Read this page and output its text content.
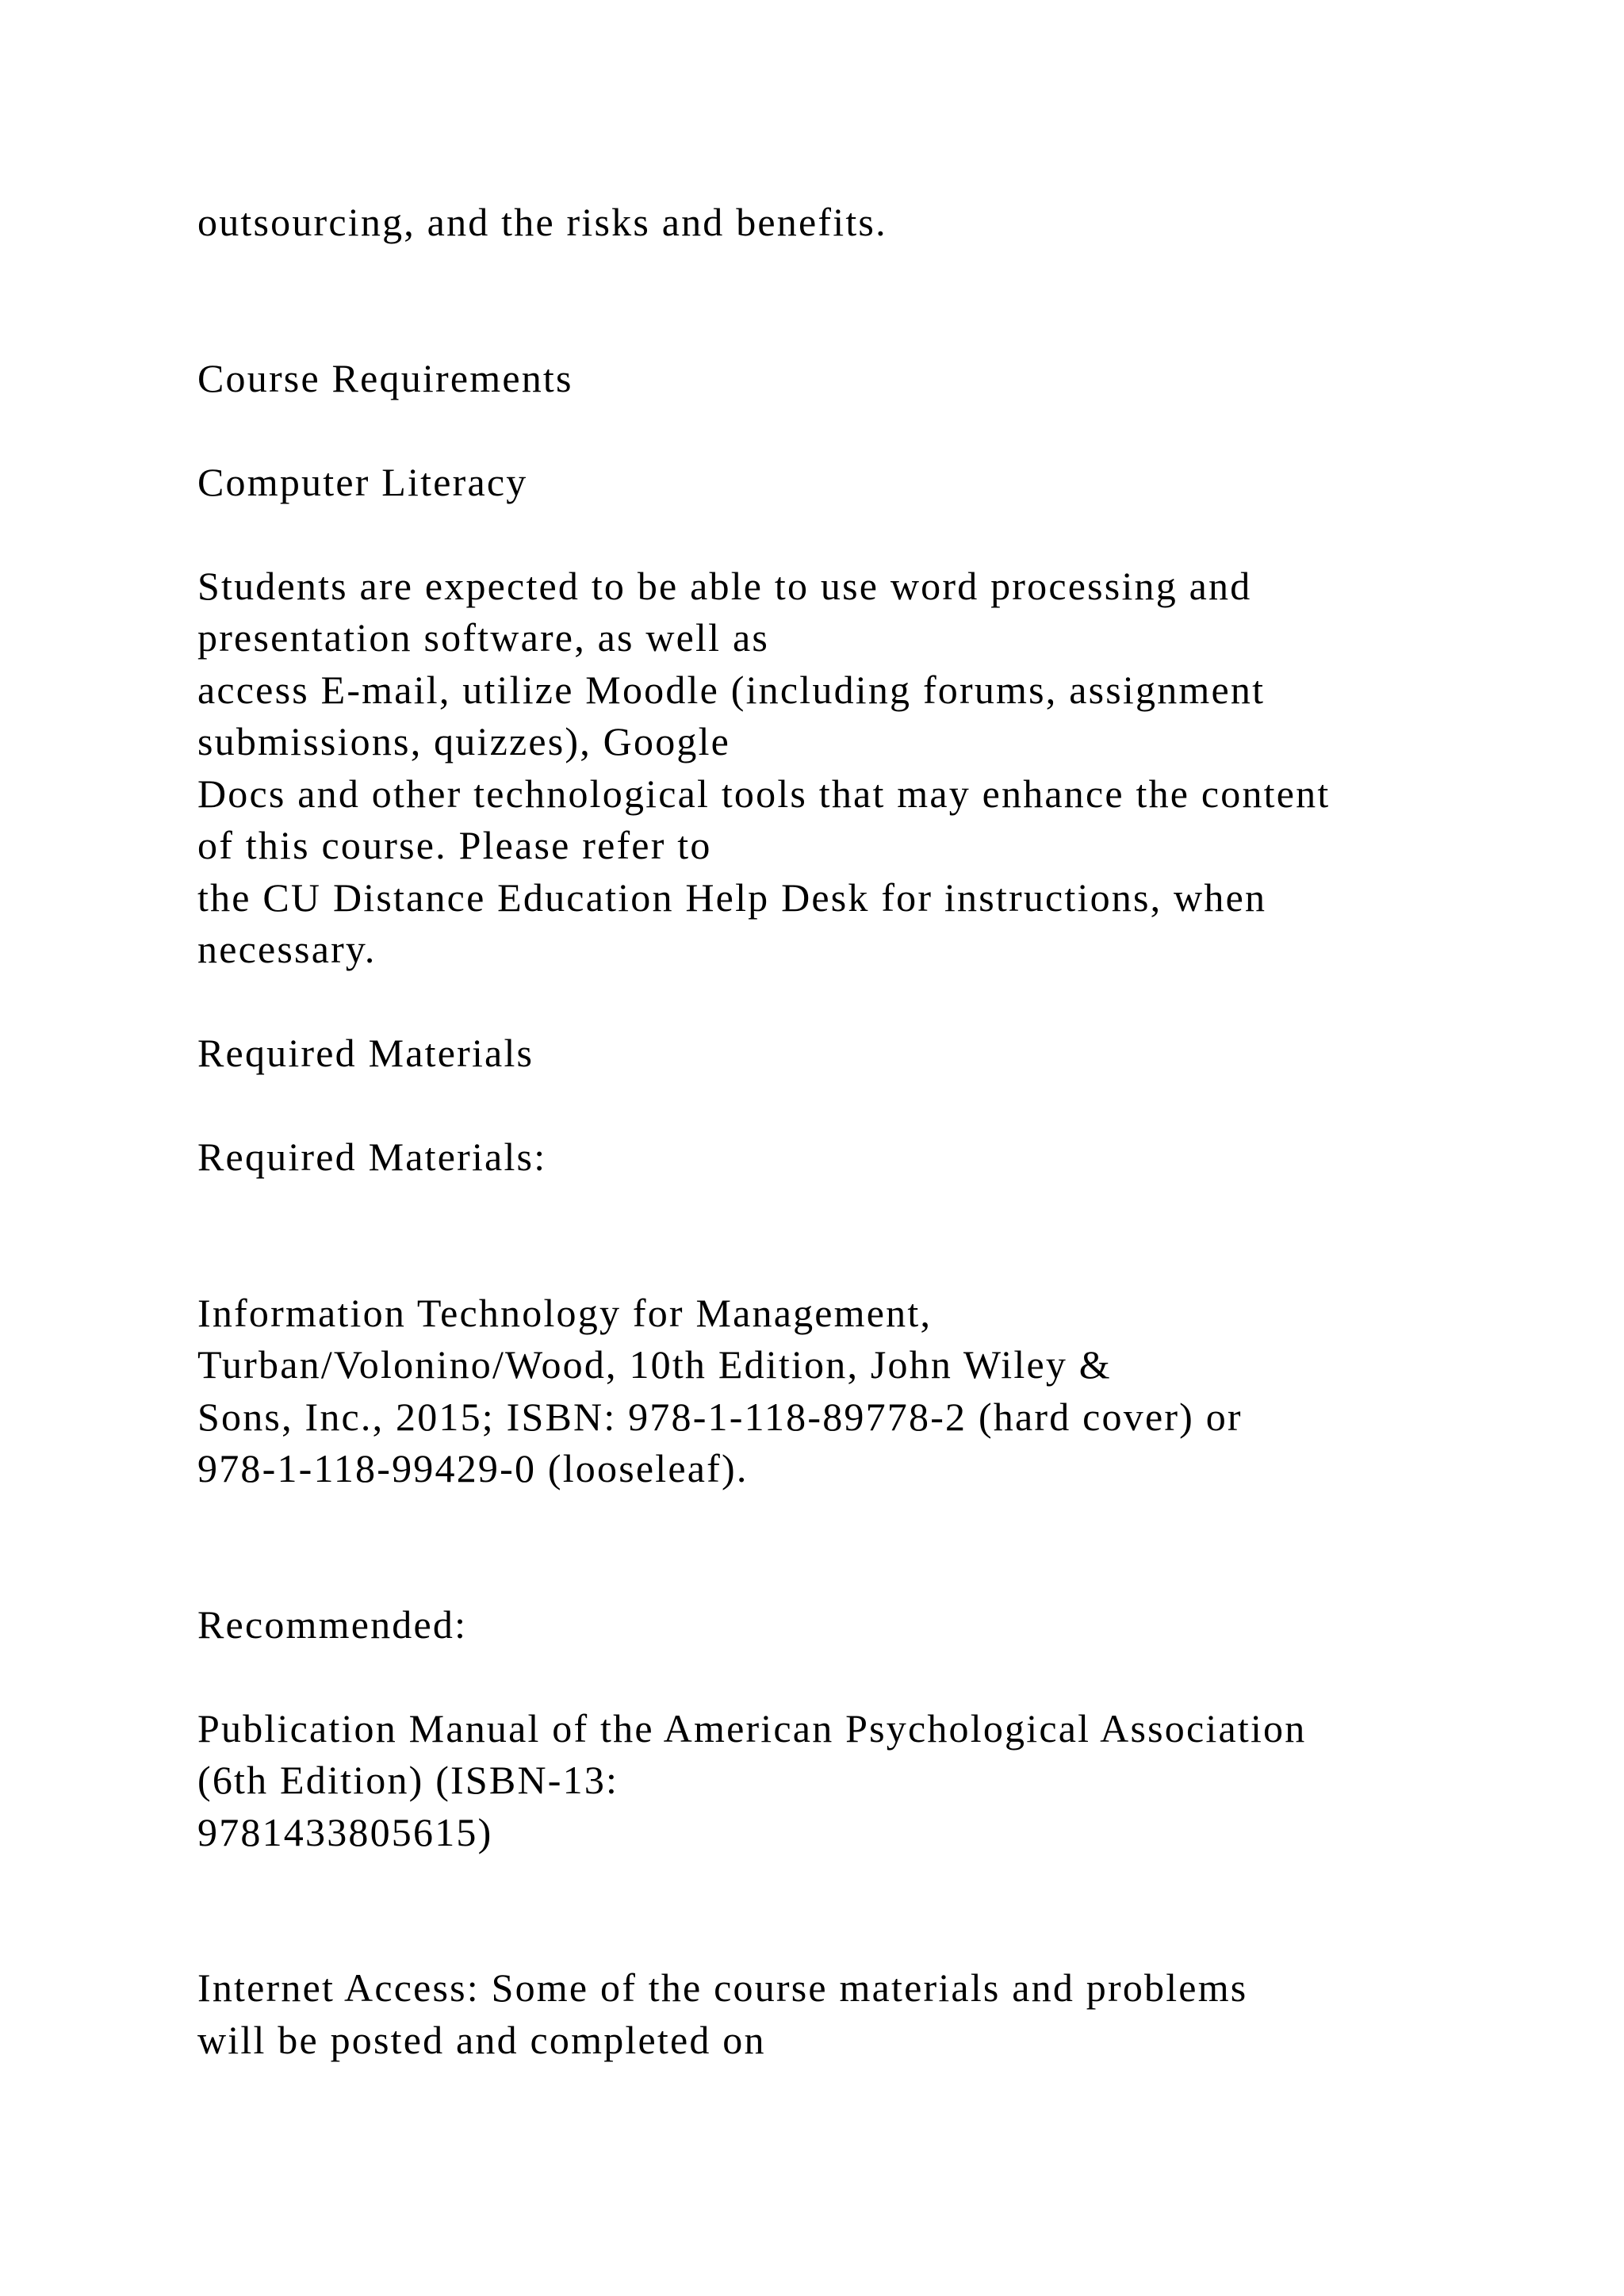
outsourcing, and the risks and benefits.

Course Requirements

Computer Literacy

Students are expected to be able to use word processing and
presentation software, as well as
access E-mail, utilize Moodle (including forums, assignment
submissions, quizzes), Google
Docs and other technological tools that may enhance the content
of this course. Please refer to
the CU Distance Education Help Desk for instructions, when
necessary.

Required Materials

Required Materials:

Information Technology for Management,
Turban/Volonino/Wood, 10th Edition, John Wiley &
Sons, Inc., 2015; ISBN: 978-1-118-89778-2 (hard cover) or
978-1-118-99429-0 (looseleaf).

Recommended:

Publication Manual of the American Psychological Association
(6th Edition) (ISBN-13:
9781433805615)

Internet Access: Some of the course materials and problems
will be posted and completed on
